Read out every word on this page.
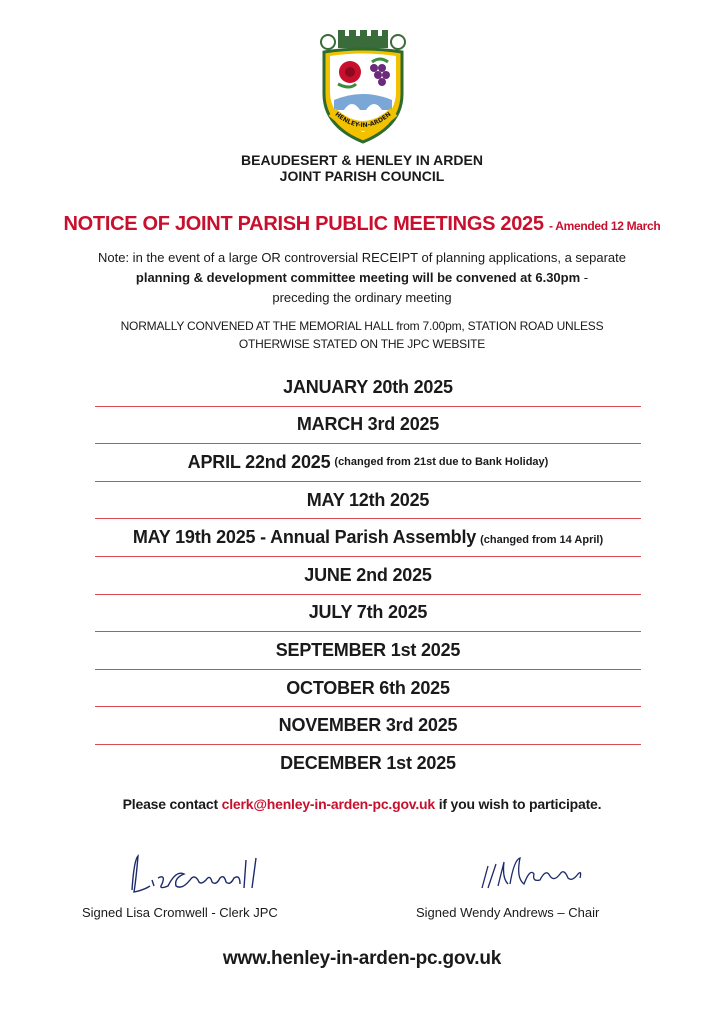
HENLEY-IN-ARDEN
BEAUDESERT & HENLEY IN ARDEN
JOINT PARISH COUNCIL
NOTICE OF JOINT PARISH PUBLIC MEETINGS 2025 - Amended 12 March
Note: in the event of a large OR controversial RECEIPT of planning applications, a separate
planning & development committee meeting will be convened at 6.30pm -
preceding the ordinary meeting
NORMALLY CONVENED AT THE MEMORIAL HALL from 7.00pm, STATION ROAD UNLESS
OTHERWISE STATED ON THE JPC WEBSITE
JANUARY 20th 2025
MARCH 3rd 2025
APRIL 22nd 2025 (changed from 21st due to Bank Holiday)
MAY 12th 2025
MAY 19th 2025 - Annual Parish Assembly (changed from 14 April)
JUNE 2nd 2025
JULY 7th 2025
SEPTEMBER 1st 2025
OCTOBER 6th 2025
NOVEMBER 3rd 2025
DECEMBER 1st 2025
Please contact clerk@henley-in-arden-pc.gov.uk if you wish to participate.
Signed Lisa Cromwell - Clerk JPC	Signed Wendy Andrews – Chair
www.henley-in-arden-pc.gov.uk
